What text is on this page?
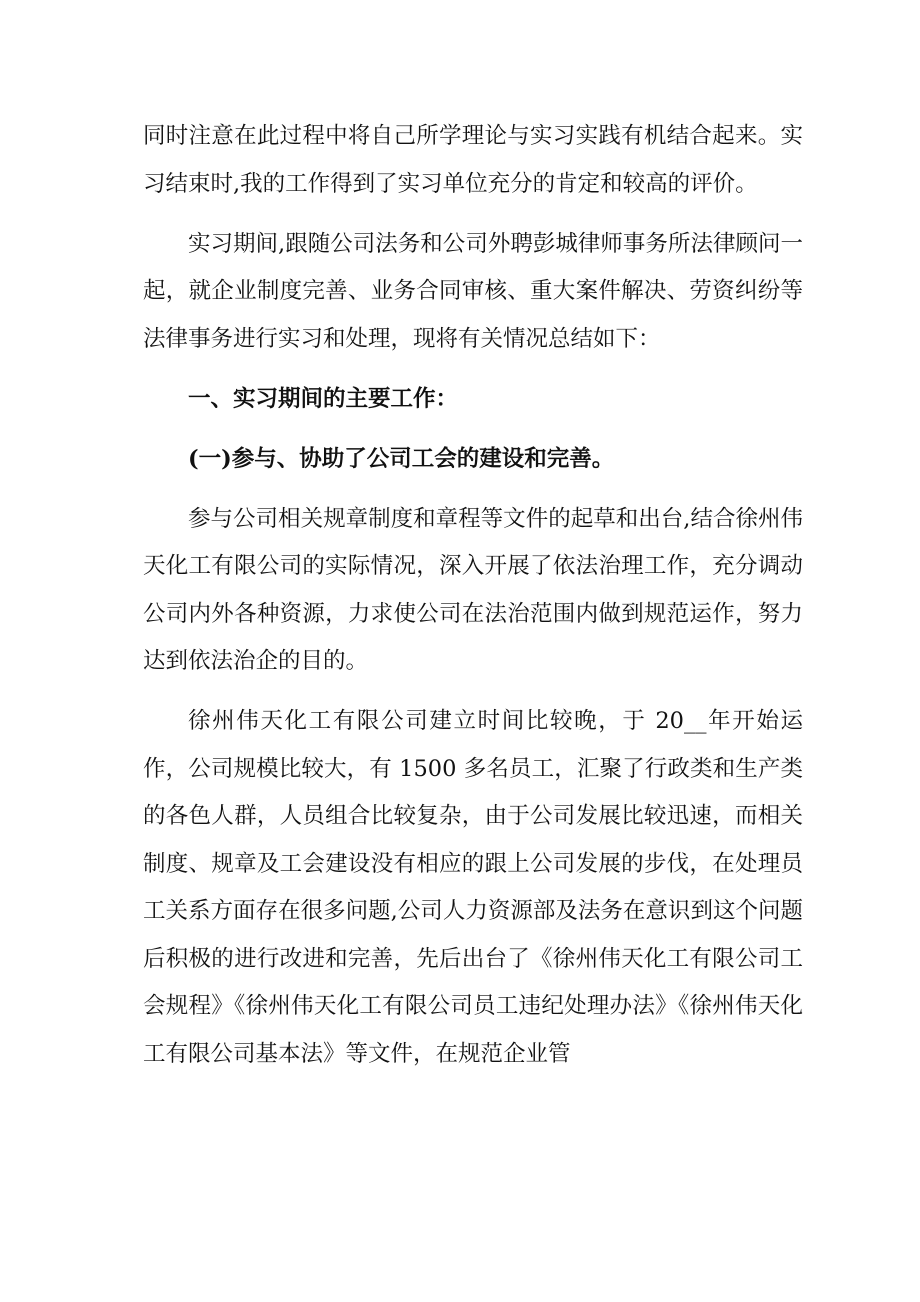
同时注意在此过程中将自己所学理论与实习实践有机结合起来。实习结束时,我的工作得到了实习单位充分的肯定和较高的评价。

实习期间,跟随公司法务和公司外聘彭城律师事务所法律顾问一起，就企业制度完善、业务合同审核、重大案件解决、劳资纠纷等法律事务进行实习和处理，现将有关情况总结如下：

一、实习期间的主要工作：

(一)参与、协助了公司工会的建设和完善。

参与公司相关规章制度和章程等文件的起草和出台,结合徐州伟天化工有限公司的实际情况，深入开展了依法治理工作，充分调动公司内外各种资源，力求使公司在法治范围内做到规范运作，努力达到依法治企的目的。

徐州伟天化工有限公司建立时间比较晚，于 20__年开始运作，公司规模比较大，有 1500 多名员工，汇聚了行政类和生产类的各色人群，人员组合比较复杂，由于公司发展比较迅速，而相关制度、规章及工会建设没有相应的跟上公司发展的步伐，在处理员工关系方面存在很多问题,公司人力资源部及法务在意识到这个问题后积极的进行改进和完善，先后出台了《徐州伟天化工有限公司工会规程》《徐州伟天化工有限公司员工违纪处理办法》《徐州伟天化工有限公司基本法》等文件，在规范企业管
